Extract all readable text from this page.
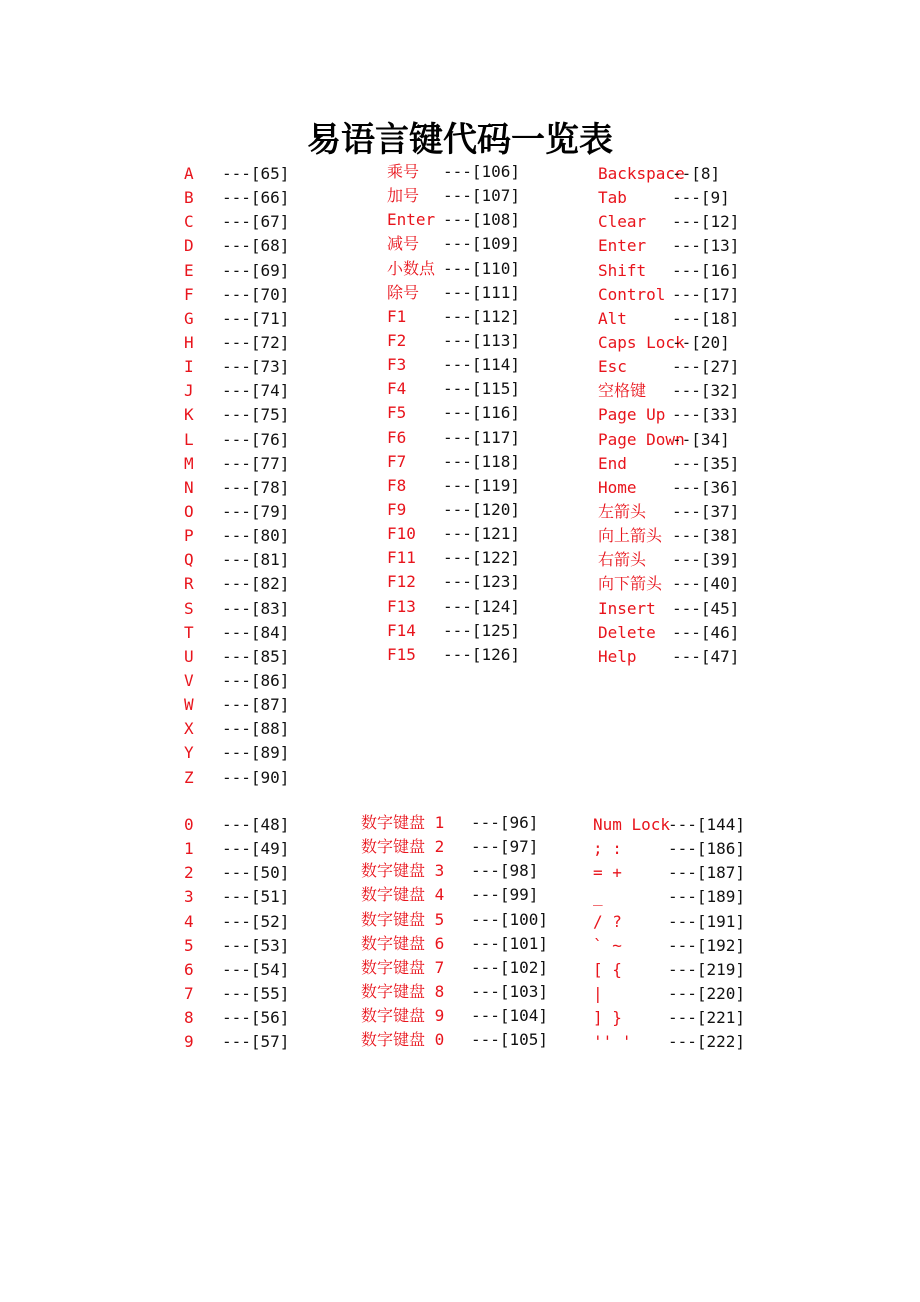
易语言键代码一览表
A ---[65]
B ---[66]
C ---[67]
D ---[68]
E ---[69]
F ---[70]
G ---[71]
H ---[72]
I ---[73]
J ---[74]
K ---[75]
L ---[76]
M ---[77]
N ---[78]
O ---[79]
P ---[80]
Q ---[81]
R ---[82]
S ---[83]
T ---[84]
U ---[85]
V ---[86]
W ---[87]
X ---[88]
Y ---[89]
Z ---[90]
乘号 ---[106]
加号 ---[107]
Enter ---[108]
减号 ---[109]
小数点 ---[110]
除号 ---[111]
F1 ---[112]
F2 ---[113]
F3 ---[114]
F4 ---[115]
F5 ---[116]
F6 ---[117]
F7 ---[118]
F8 ---[119]
F9 ---[120]
F10 ---[121]
F11 ---[122]
F12 ---[123]
F13 ---[124]
F14 ---[125]
F15 ---[126]
Backspace--[8]
Tab	---[9]
Clear ---[12]
Enter ---[13]
Shift ---[16]
Control ---[17]
Alt	---[18]
Caps Lock--[20]
Esc	---[27]
空格键 ---[32]
Page Up ---[33]
Page Down--[34]
End	---[35]
Home ---[36]
左箭头 ---[37]
向上箭头 ---[38]
右箭头 ---[39]
向下箭头 ---[40]
Insert ---[45]
Delete ---[46]
Help ---[47]
0 ---[48]
1 ---[49]
2 ---[50]
3 ---[51]
4 ---[52]
5 ---[53]
6 ---[54]
7 ---[55]
8 ---[56]
9 ---[57]
数字键盘 1 ---[96]
数字键盘 2 ---[97]
数字键盘 3 ---[98]
数字键盘 4 ---[99]
数字键盘 5 ---[100]
数字键盘 6 ---[101]
数字键盘 7 ---[102]
数字键盘 8 ---[103]
数字键盘 9 ---[104]
数字键盘 0 ---[105]
Num Lock---[144]
; :	---[186]
= +	---[187]
_	---[189]
/ ?	---[191]
` ~	---[192]
[ {	---[219]
|	---[220]
] }	---[221]
'' ' ---[222]
